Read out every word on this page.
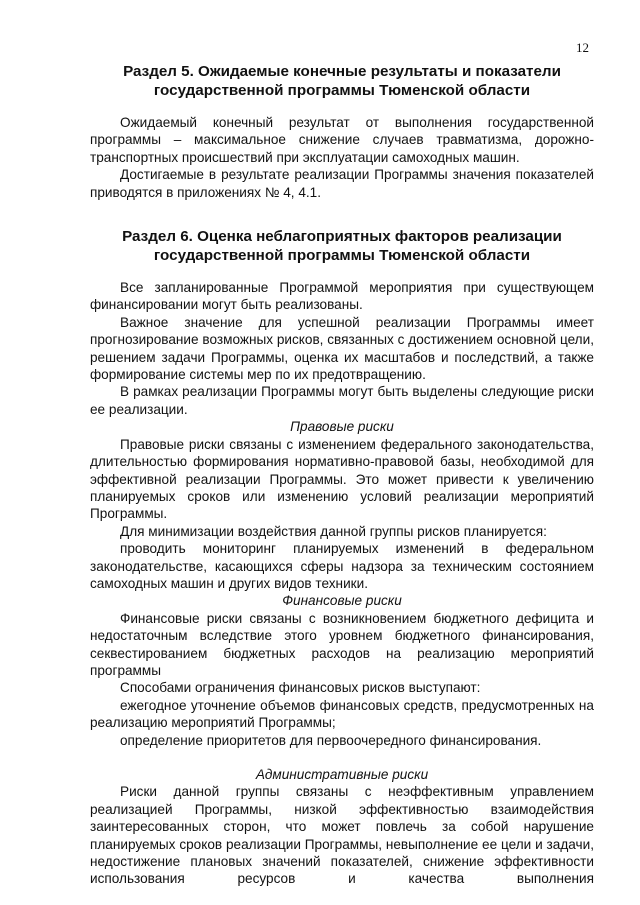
12
Раздел 5. Ожидаемые конечные результаты и показатели
государственной программы Тюменской области

Ожидаемый конечный результат от выполнения государственной программы – максимальное снижение случаев травматизма, дорожно-транспортных происшествий при эксплуатации самоходных машин.

Достигаемые в результате реализации Программы значения показателей приводятся в приложениях № 4, 4.1.

Раздел 6. Оценка неблагоприятных факторов реализации
государственной программы Тюменской области

Все запланированные Программой мероприятия при существующем финансировании могут быть реализованы.

Важное значение для успешной реализации Программы имеет прогнозирование возможных рисков, связанных с достижением основной цели, решением задачи Программы, оценка их масштабов и последствий, а также формирование системы мер по их предотвращению.

В рамках реализации Программы могут быть выделены следующие риски ее реализации.

Правовые риски

Правовые риски связаны с изменением федерального законодательства, длительностью формирования нормативно-правовой базы, необходимой для эффективной реализации Программы. Это может привести к увеличению планируемых сроков или изменению условий реализации мероприятий Программы.

Для минимизации воздействия данной группы рисков планируется:

проводить мониторинг планируемых изменений в федеральном законодательстве, касающихся сферы надзора за техническим состоянием самоходных машин и других видов техники.

Финансовые риски

Финансовые риски связаны с возникновением бюджетного дефицита и недостаточным вследствие этого уровнем бюджетного финансирования, секвестированием бюджетных расходов на реализацию мероприятий программы

Способами ограничения финансовых рисков выступают:

ежегодное уточнение объемов финансовых средств, предусмотренных на реализацию мероприятий Программы;

определение приоритетов для первоочередного финансирования.

Административные риски

Риски данной группы связаны с неэффективным управлением реализацией Программы, низкой эффективностью взаимодействия заинтересованных сторон, что может повлечь за собой нарушение планируемых сроков реализации Программы, невыполнение ее цели и задачи, недостижение плановых значений показателей, снижение эффективности использования ресурсов и качества выполнения
